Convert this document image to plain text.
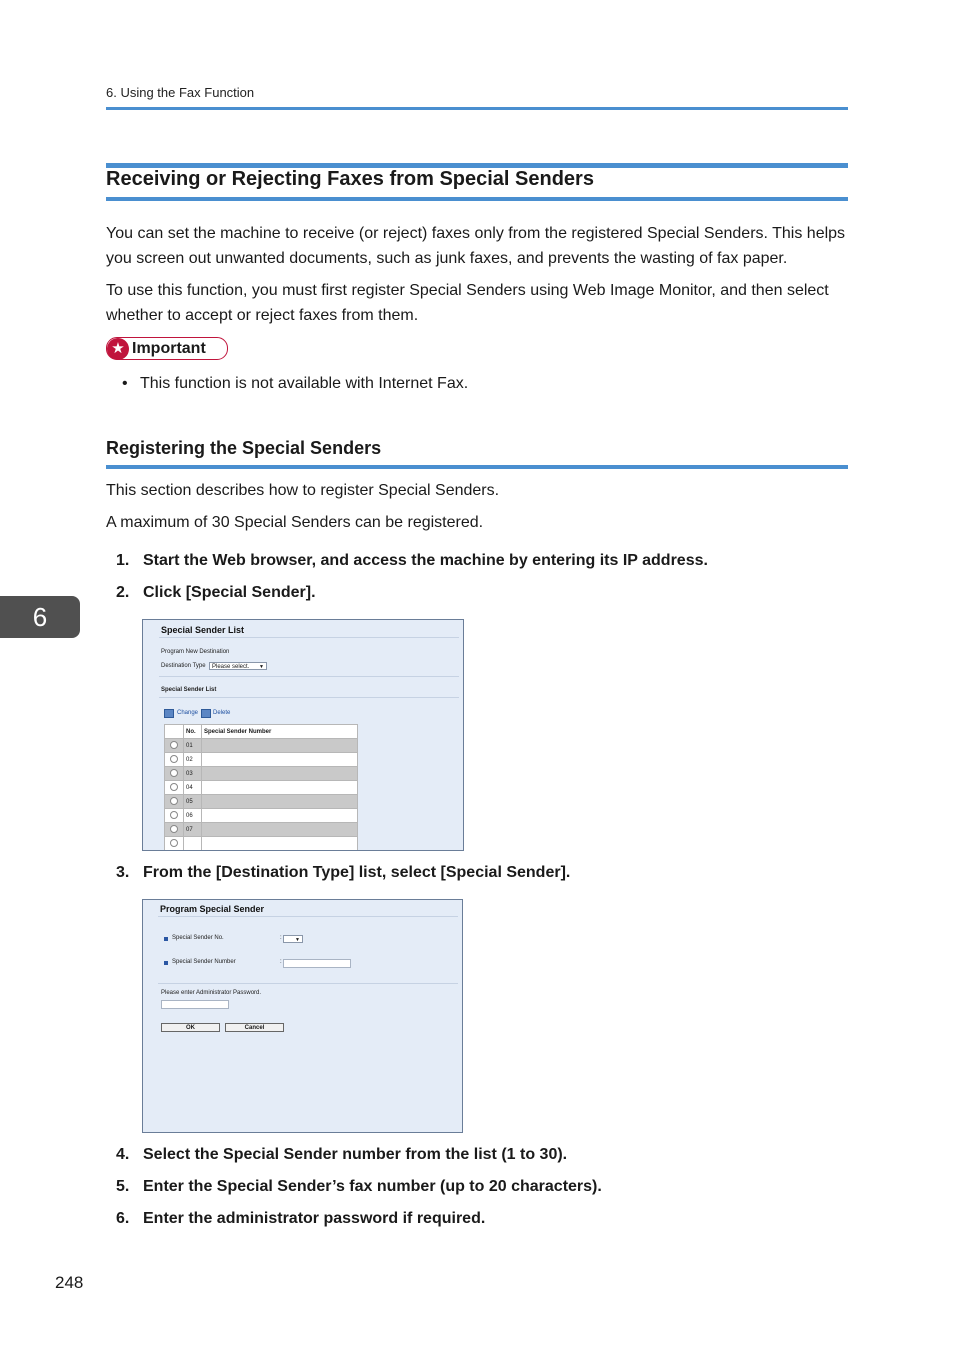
6. Using the Fax Function
Receiving or Rejecting Faxes from Special Senders
You can set the machine to receive (or reject) faxes only from the registered Special Senders. This helps you screen out unwanted documents, such as junk faxes, and prevents the wasting of fax paper.
To use this function, you must first register Special Senders using Web Image Monitor, and then select whether to accept or reject faxes from them.
★ Important
• This function is not available with Internet Fax.
Registering the Special Senders
This section describes how to register Special Senders.
A maximum of 30 Special Senders can be registered.
1. Start the Web browser, and access the machine by entering its IP address.
2. Click [Special Sender].
6	Special Sender List
Program New Destination
Destination Type	Please select. ▼
Special Sender List
Change Delete
	No.	Special Sender Number
	01	
	02	
	03	
	04	
	05	
	06	
	07	

3. From the [Destination Type] list, select [Special Sender].
Program Special Sender
Special Sender No.	:	▼
Special Sender Number	:
Please enter Administrator Password.
OK	Cancel
4. Select the Special Sender number from the list (1 to 30).
5. Enter the Special Sender’s fax number (up to 20 characters).
6. Enter the administrator password if required.
248
